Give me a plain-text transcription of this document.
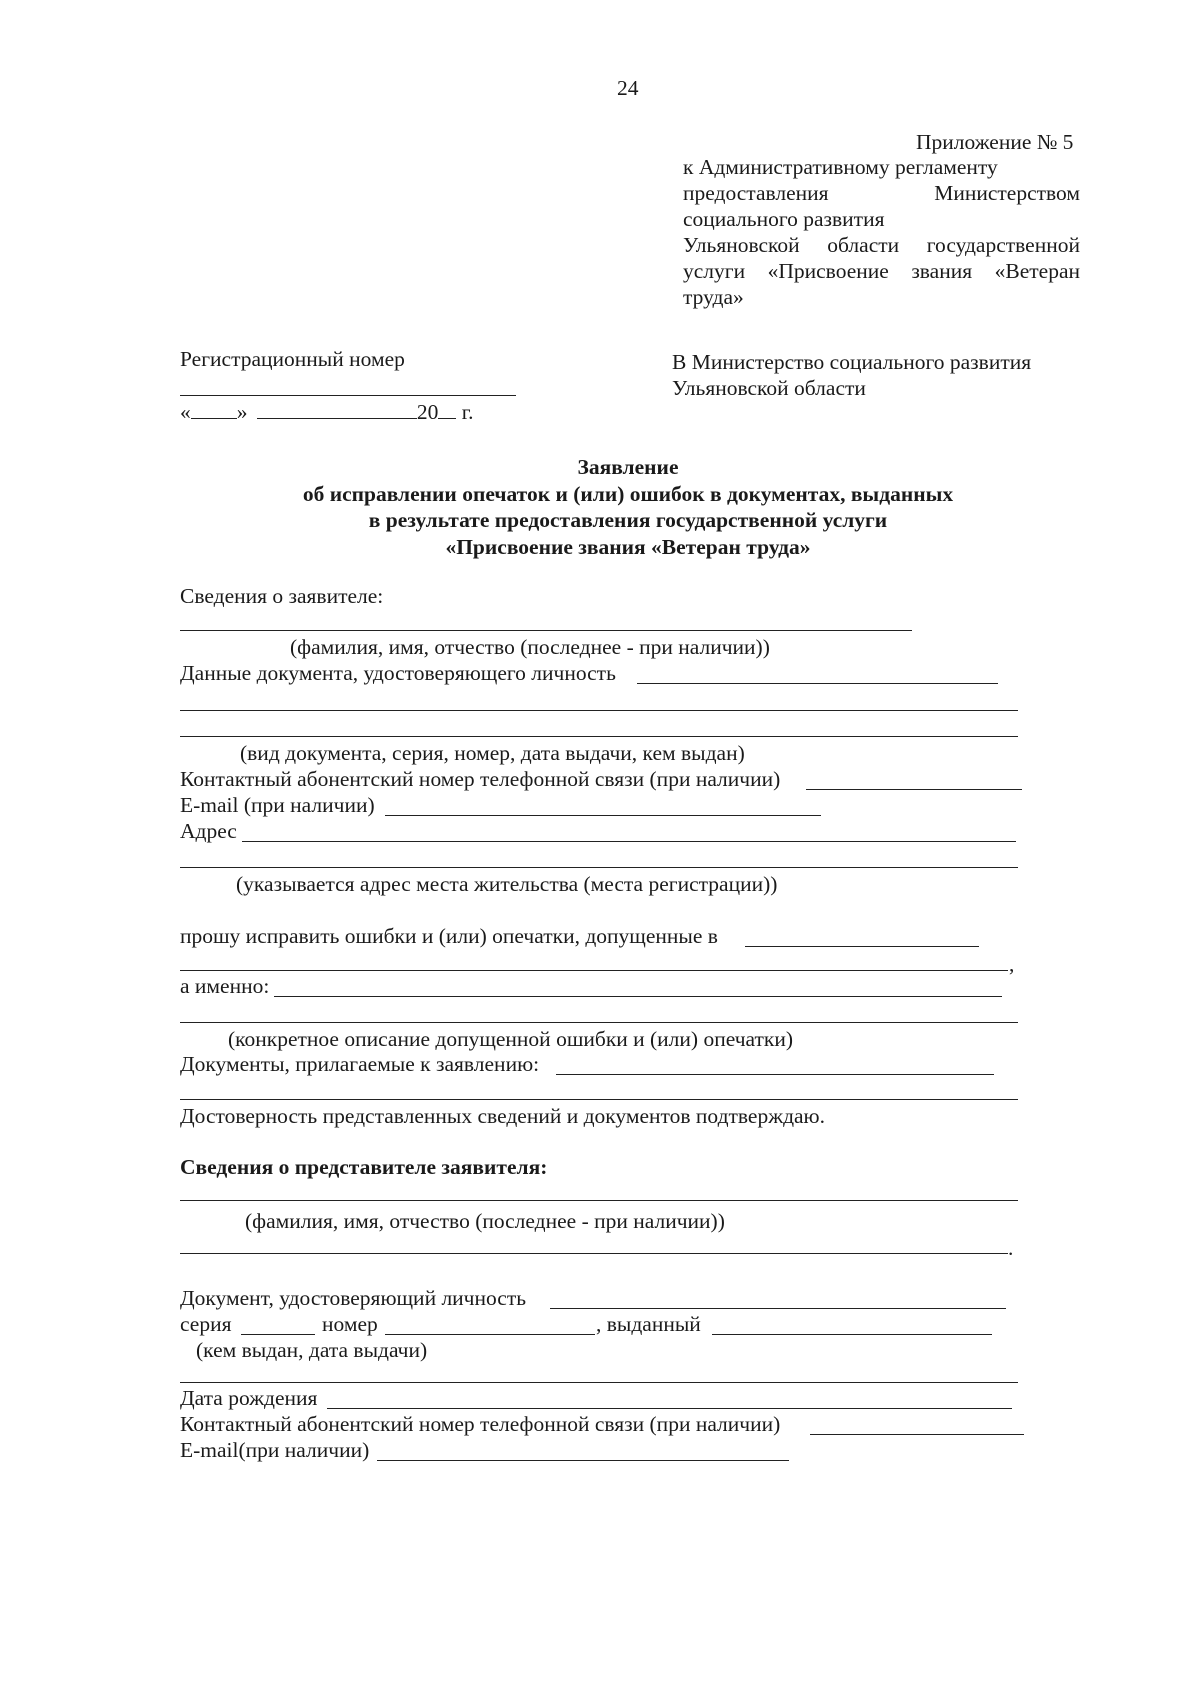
24
Приложение № 5
к Административному регламенту
предоставления	Министерством
социального развития
Ульяновской области государственной
услуги «Присвоение звания «Ветеран
труда»
Регистрационный номер
« »	20 г.
В Министерство социального развития
Ульяновской области
Заявление
об исправлении опечаток и (или) ошибок в документах, выданных
в результате предоставления государственной услуги
«Присвоение звания «Ветеран труда»
Сведения о заявителе:
(фамилия, имя, отчество (последнее - при наличии))
Данные документа, удостоверяющего личность
(вид документа, серия, номер, дата выдачи, кем выдан)
Контактный абонентский номер телефонной связи (при наличии)
E-mail (при наличии)
Адрес
(указывается адрес места жительства (места регистрации))
прошу исправить ошибки и (или) опечатки, допущенные в
,
а именно:
(конкретное описание допущенной ошибки и (или) опечатки)
Документы, прилагаемые к заявлению:
Достоверность представленных сведений и документов подтверждаю.
Сведения о представителе заявителя:
(фамилия, имя, отчество (последнее - при наличии))
.
Документ, удостоверяющий личность
серия	номер	, выданный
(кем выдан, дата выдачи)
Дата рождения
Контактный абонентский номер телефонной связи (при наличии)
E-mail(при наличии)
